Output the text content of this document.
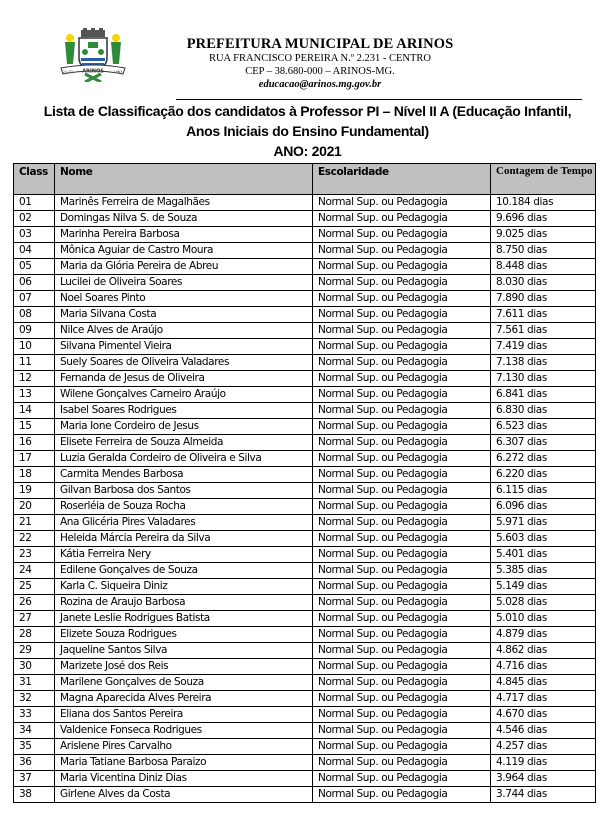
ARINOS
21-02	1963
PREFEITURA MUNICIPAL DE ARINOS
RUA FRANCISCO PEREIRA N.º 2.231 - CENTRO
CEP – 38.680-000 – ARINOS-MG.
educacao@arinos.mg.gov.br
Lista de Classificação dos candidatos à Professor PI – Nível II A (Educação Infantil,
Anos Iniciais do Ensino Fundamental)
ANO: 2021
Class	Nome	Escolaridade	Contagem de Tempo
01	Marinês Ferreira de Magalhães	Normal Sup. ou Pedagogia	10.184 dias
02	Domingas Nilva S. de Souza	Normal Sup. ou Pedagogia	9.696 dias
03	Marinha Pereira Barbosa	Normal Sup. ou Pedagogia	9.025 dias
04	Mônica Aguiar de Castro Moura	Normal Sup. ou Pedagogia	8.750 dias
05	Maria da Glória Pereira de Abreu	Normal Sup. ou Pedagogia	8.448 dias
06	Lucilei de Oliveira Soares	Normal Sup. ou Pedagogia	8.030 dias
07	Noel Soares Pinto	Normal Sup. ou Pedagogia	7.890 dias
08	Maria Silvana Costa	Normal Sup. ou Pedagogia	7.611 dias
09	Nilce Alves de Araújo	Normal Sup. ou Pedagogia	7.561 dias
10	Silvana Pimentel Vieira	Normal Sup. ou Pedagogia	7.419 dias
11	Suely Soares de Oliveira Valadares	Normal Sup. ou Pedagogia	7.138 dias
12	Fernanda de Jesus de Oliveira	Normal Sup. ou Pedagogia	7.130 dias
13	Wilene Gonçalves Carneiro Araújo	Normal Sup. ou Pedagogia	6.841 dias
14	Isabel Soares Rodrigues	Normal Sup. ou Pedagogia	6.830 dias
15	Maria Ione Cordeiro de Jesus	Normal Sup. ou Pedagogia	6.523 dias
16	Elisete Ferreira de Souza Almeida	Normal Sup. ou Pedagogia	6.307 dias
17	Luzia Geralda Cordeiro de Oliveira e Silva	Normal Sup. ou Pedagogia	6.272 dias
18	Carmita Mendes Barbosa	Normal Sup. ou Pedagogia	6.220 dias
19	Gilvan Barbosa dos Santos	Normal Sup. ou Pedagogia	6.115 dias
20	Roserléia de Souza Rocha	Normal Sup. ou Pedagogia	6.096 dias
21	Ana Glicéria Pires Valadares	Normal Sup. ou Pedagogia	5.971 dias
22	Heleida Márcia Pereira da Silva	Normal Sup. ou Pedagogia	5.603 dias
23	Kátia Ferreira Nery	Normal Sup. ou Pedagogia	5.401 dias
24	Edilene Gonçalves de Souza	Normal Sup. ou Pedagogia	5.385 dias
25	Karla C. Siqueira Diniz	Normal Sup. ou Pedagogia	5.149 dias
26	Rozina de Araujo Barbosa	Normal Sup. ou Pedagogia	5.028 dias
27	Janete Leslie Rodrigues Batista	Normal Sup. ou Pedagogia	5.010 dias
28	Elizete Souza Rodrigues	Normal Sup. ou Pedagogia	4.879 dias
29	Jaqueline Santos Silva	Normal Sup. ou Pedagogia	4.862 dias
30	Marizete José dos Reis	Normal Sup. ou Pedagogia	4.716 dias
31	Marilene Gonçalves de Souza	Normal Sup. ou Pedagogia	4.845 dias
32	Magna Aparecida Alves Pereira	Normal Sup. ou Pedagogia	4.717 dias
33	Eliana dos Santos Pereira	Normal Sup. ou Pedagogia	4.670 dias
34	Valdenice Fonseca Rodrigues	Normal Sup. ou Pedagogia	4.546 dias
35	Arislene Pires Carvalho	Normal Sup. ou Pedagogia	4.257 dias
36	Maria Tatiane Barbosa Paraizo	Normal Sup. ou Pedagogia	4.119 dias
37	Maria Vicentina Diniz Dias	Normal Sup. ou Pedagogia	3.964 dias
38	Girlene Alves da Costa	Normal Sup. ou Pedagogia	3.744 dias
